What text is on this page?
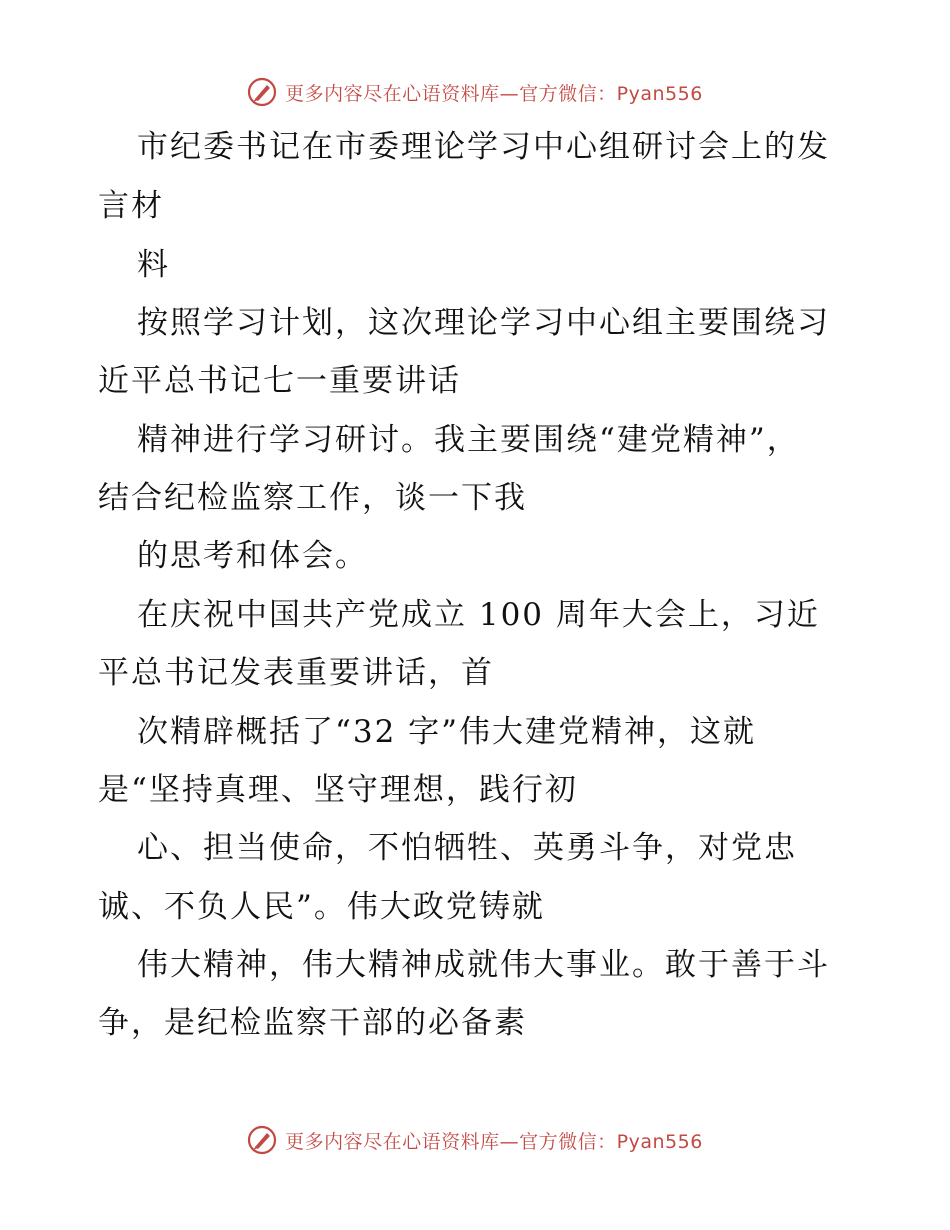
更多内容尽在心语资料库—官方微信：Pyan556
市纪委书记在市委理论学习中心组研讨会上的发
言材
料
按照学习计划，这次理论学习中心组主要围绕习
近平总书记七一重要讲话
精神进行学习研讨。我主要围绕“建党精神”，
结合纪检监察工作，谈一下我
的思考和体会。
在庆祝中国共产党成立 100 周年大会上，习近
平总书记发表重要讲话，首
次精辟概括了“32 字”伟大建党精神，这就
是“坚持真理、坚守理想，践行初
心、担当使命，不怕牺牲、英勇斗争，对党忠
诚、不负人民”。伟大政党铸就
伟大精神，伟大精神成就伟大事业。敢于善于斗
争，是纪检监察干部的必备素
更多内容尽在心语资料库—官方微信：Pyan556
